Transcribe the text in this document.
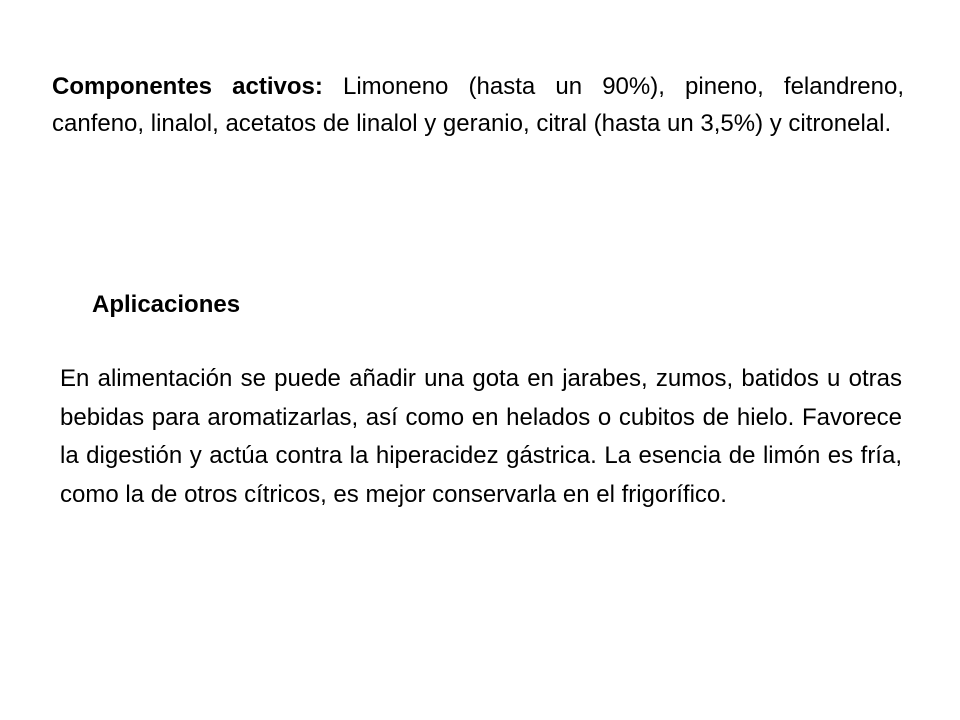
Componentes activos: Limoneno (hasta un 90%), pineno, felandreno, canfeno, linalol, acetatos de linalol y geranio, citral (hasta un 3,5%) y citronelal.

Aplicaciones

En alimentación se puede añadir una gota en jarabes, zumos, batidos u otras bebidas para aromatizarlas, así como en helados o cubitos de hielo. Favorece la digestión y actúa contra la hiperacidez gástrica. La esencia de limón es fría, como la de otros cítricos, es mejor conservarla en el frigorífico.
